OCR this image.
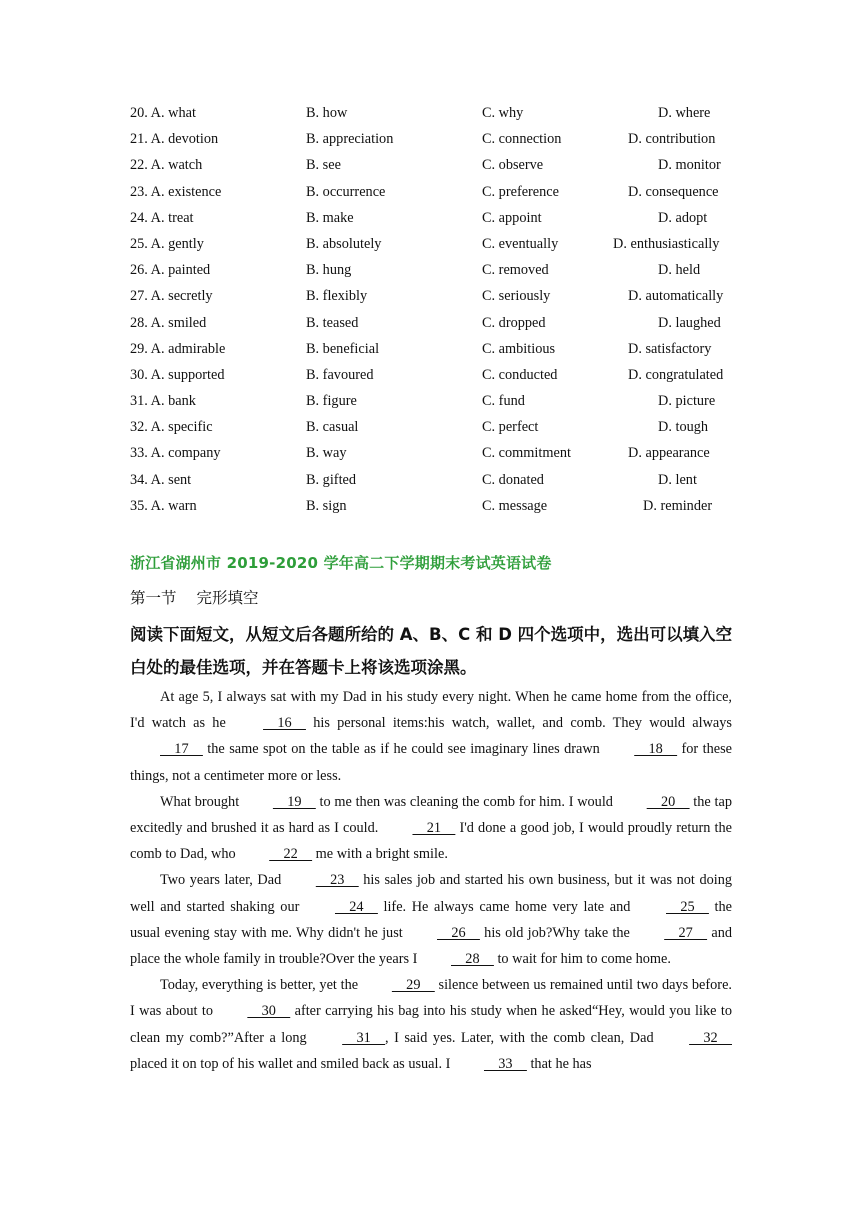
20. A. what	B. how	C. why	D. where
21. A. devotion	B. appreciation	C. connection	D. contribution
22. A. watch	B. see	C. observe	D. monitor
23. A. existence	B. occurrence	C. preference	D. consequence
24. A. treat	B. make	C. appoint	D. adopt
25. A. gently	B. absolutely	C. eventually	D. enthusiastically
26. A. painted	B. hung	C. removed	D. held
27. A. secretly	B. flexibly	C. seriously	D. automatically
28. A. smiled	B. teased	C. dropped	D. laughed
29. A. admirable	B. beneficial	C. ambitious	D. satisfactory
30. A. supported	B. favoured	C. conducted	D. congratulated
31. A. bank	B. figure	C. fund	D. picture
32. A. specific	B. casual	C. perfect	D. tough
33. A. company	B. way	C. commitment	D. appearance
34. A. sent	B. gifted	C. donated	D. lent
35. A. warn	B. sign	C. message	D. reminder
浙江省湖州市 2019-2020 学年高二下学期期末考试英语试卷
第一节 完形填空
阅读下面短文，从短文后各题所给的 A、B、C 和 D 四个选项中，选出可以填入空白处的最佳选项，并在答题卡上将该选项涂黑。

At age 5, I always sat with my Dad in his study every night. When he came home from the office, I'd watch as he     16     his personal items:his watch, wallet, and comb. They would always     17     the same spot on the table as if he could see imaginary lines drawn     18     for these things, not a centimeter more or less.

What brought     19     to me then was cleaning the comb for him. I would     20     the tap excitedly and brushed it as hard as I could.     21     I'd done a good job, I would proudly return the comb to Dad, who     22     me with a bright smile.

Two years later, Dad     23     his sales job and started his own business, but it was not doing well and started shaking our     24     life. He always came home very late and     25     the usual evening stay with me. Why didn't he just     26     his old job?Why take the     27     and place the whole family in trouble?Over the years I     28     to wait for him to come home.

Today, everything is better, yet the     29     silence between us remained until two days before. I was about to     30     after carrying his bag into his study when he asked“Hey, would you like to clean my comb?”After a long     31    , I said yes. Later, with the comb clean, Dad     32     placed it on top of his wallet and smiled back as usual. I     33     that he has
